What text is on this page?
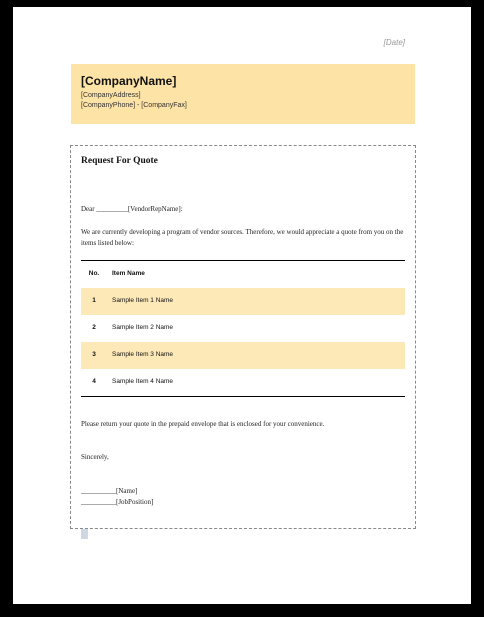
[Date]
[CompanyName]
[CompanyAddress]
[CompanyPhone] - [CompanyFax]
Request For Quote
Dear _________[VendorRepName]:
We are currently developing a program of vendor sources. Therefore, we would appreciate a quote from you on the items listed below:
No.	Item Name
1	Sample Item 1 Name
2	Sample Item 2 Name
3	Sample Item 3 Name
4	Sample Item 4 Name
Please return your quote in the prepaid envelope that is enclosed for your convenience.
Sincerely,
__________[Name]
__________[JobPosition]
